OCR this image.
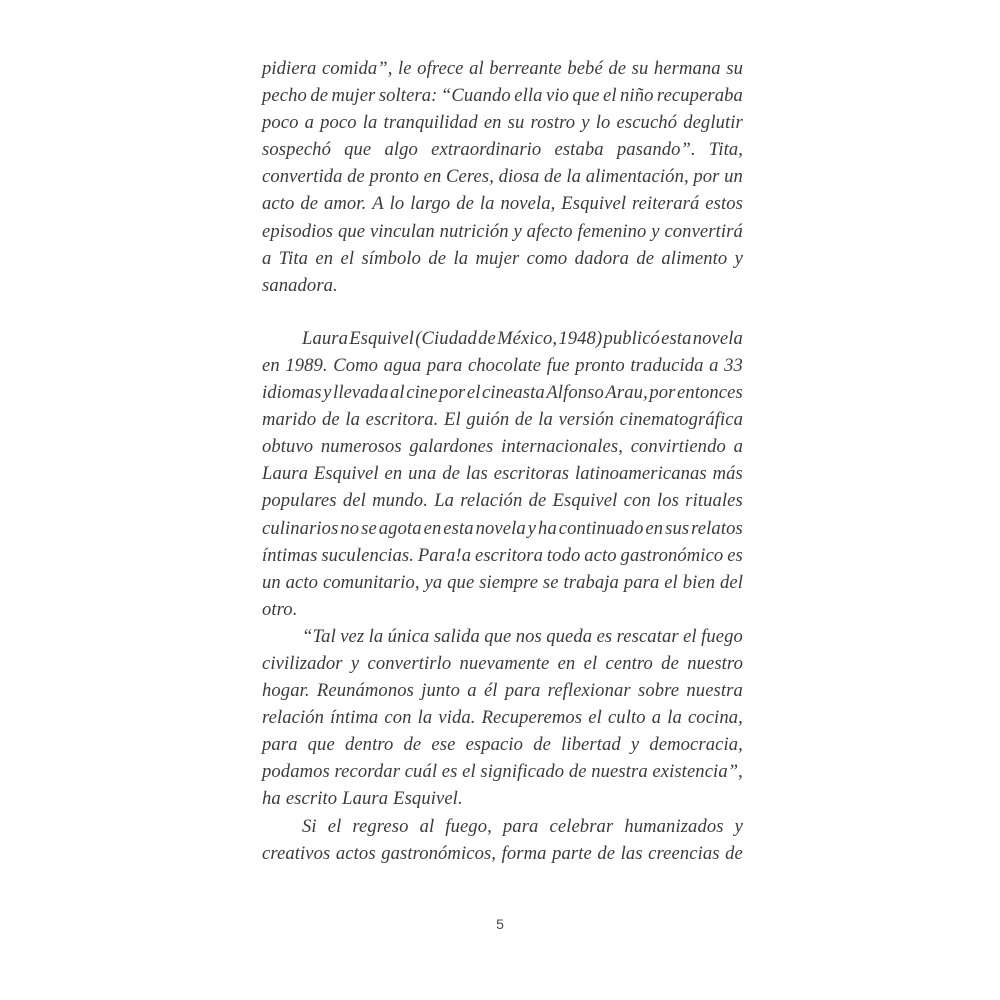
pidiera comida”, le ofrece al berreante bebé de su hermana su
pecho de mujer soltera: “Cuando ella vio que el niño recuperaba
poco a poco la tranquilidad en su rostro y lo escuchó deglutir
sospechó que algo extraordinario estaba pasando”. Tita,
convertida de pronto en Ceres, diosa de la alimentación, por un
acto de amor. A lo largo de la novela, Esquivel reiterará estos
episodios que vinculan nutrición y afecto femenino y convertirá
a Tita en el símbolo de la mujer como dadora de alimento y
sanadora.

Laura Esquivel (Ciudad de México, 1948) publicó esta novela
en 1989. Como agua para chocolate fue pronto traducida a 33
idiomas y llevada al cine por el cineasta Alfonso Arau, por entonces
marido de la escritora. El guión de la versión cinematográfica
obtuvo numerosos galardones internacionales, convirtiendo a
Laura Esquivel en una de las escritoras latinoamericanas más
populares del mundo. La relación de Esquivel con los rituales
culinarios no se agota en esta novela y ha continuado en sus relatos
íntimas suculencias. Para!a escritora todo acto gastronómico es
un acto comunitario, ya que siempre se trabaja para el bien del
otro.

“Tal vez la única salida que nos queda es rescatar el fuego
civilizador y convertirlo nuevamente en el centro de nuestro
hogar. Reunámonos junto a él para reflexionar sobre nuestra
relación íntima con la vida. Recuperemos el culto a la cocina,
para que dentro de ese espacio de libertad y democracia,
podamos recordar cuál es el significado de nuestra existencia”,
ha escrito Laura Esquivel.

Si el regreso al fuego, para celebrar humanizados y
creativos actos gastronómicos, forma parte de las creencias de

5
